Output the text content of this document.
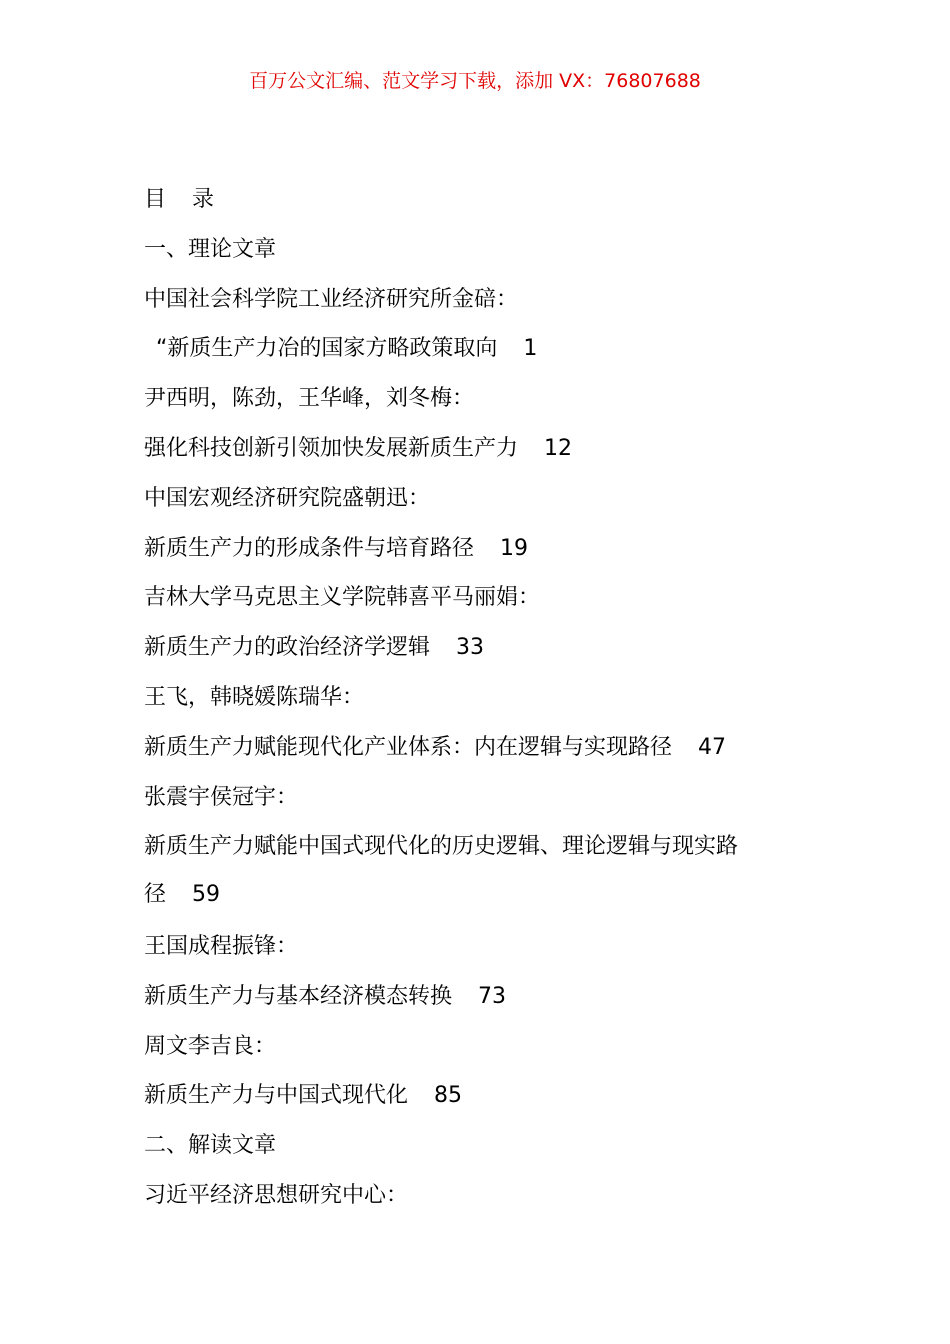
百万公文汇编、范文学习下载，添加 VX：76807688
目 录
一、理论文章
中国社会科学院工业经济研究所金碚：
“新质生产力冶的国家方略政策取向 1
尹西明，陈劲，王华峰，刘冬梅：
强化科技创新引领加快发展新质生产力 12
中国宏观经济研究院盛朝迅：
新质生产力的形成条件与培育路径 19
吉林大学马克思主义学院韩喜平马丽娟：
新质生产力的政治经济学逻辑 33
王飞，韩晓媛陈瑞华：
新质生产力赋能现代化产业体系：内在逻辑与实现路径 47
张震宇侯冠宇：
新质生产力赋能中国式现代化的历史逻辑、理论逻辑与现实路
径 59
王国成程振锋：
新质生产力与基本经济模态转换 73
周文李吉良：
新质生产力与中国式现代化 85
二、解读文章
习近平经济思想研究中心：
